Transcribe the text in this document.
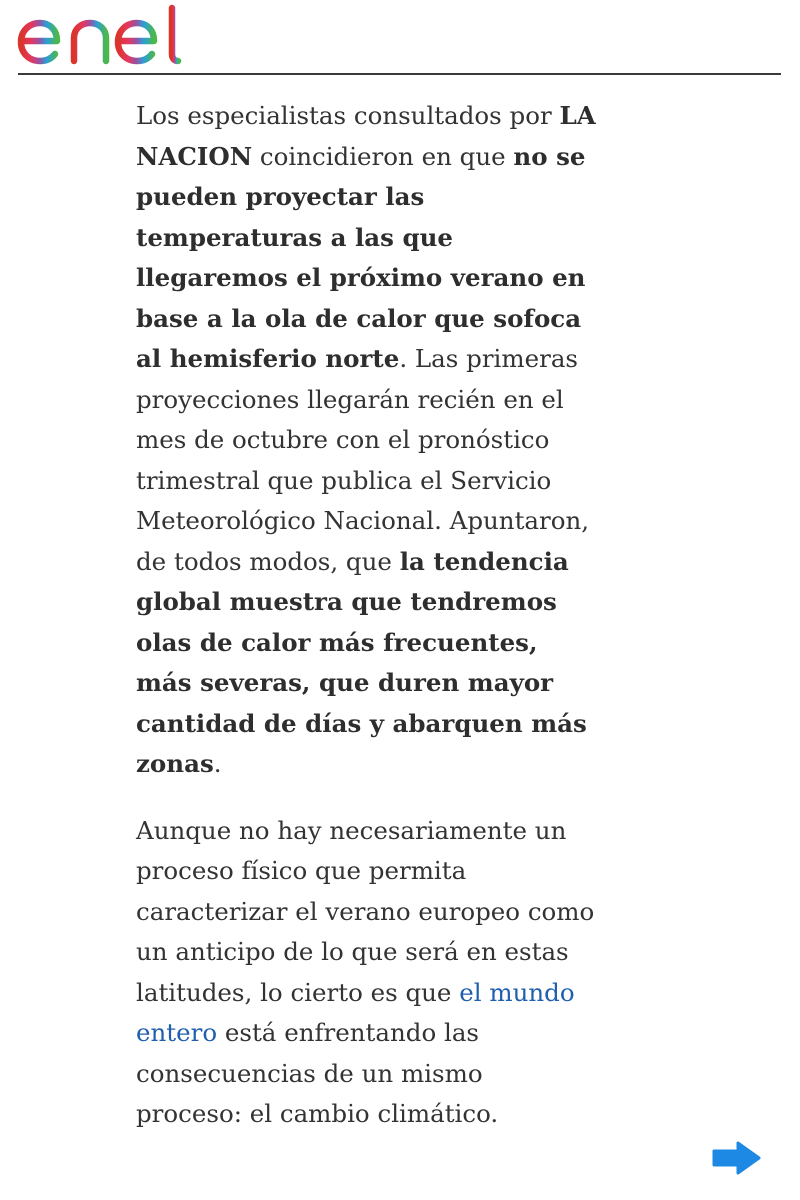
Los especialistas consultados por LA NACION coincidieron en que no se pueden proyectar las temperaturas a las que llegaremos el próximo verano en base a la ola de calor que sofoca al hemisferio norte. Las primeras proyecciones llegarán recién en el mes de octubre con el pronóstico trimestral que publica el Servicio Meteorológico Nacional. Apuntaron, de todos modos, que la tendencia global muestra que tendremos olas de calor más frecuentes, más severas, que duren mayor cantidad de días y abarquen más zonas.

Aunque no hay necesariamente un proceso físico que permita caracterizar el verano europeo como un anticipo de lo que será en estas latitudes, lo cierto es que el mundo entero está enfrentando las consecuencias de un mismo proceso: el cambio climático.
